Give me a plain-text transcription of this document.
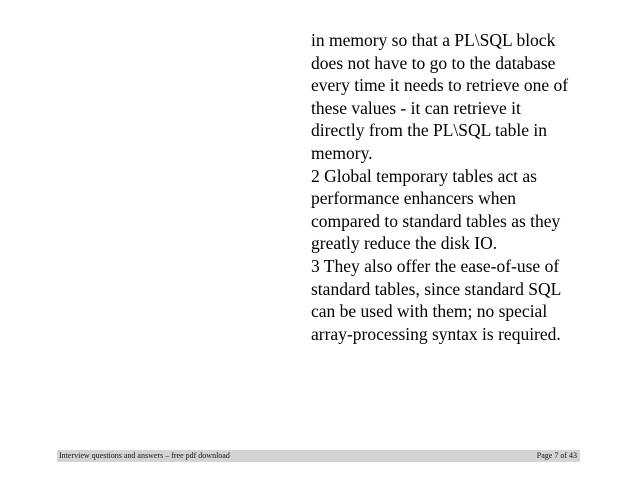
in memory so that a PL\SQL block
does not have to go to the database
every time it needs to retrieve one of
these values - it can retrieve it
directly from the PL\SQL table in
memory.
2 Global temporary tables act as
performance enhancers when
compared to standard tables as they
greatly reduce the disk IO.
3 They also offer the ease-of-use of
standard tables, since standard SQL
can be used with them; no special
array-processing syntax is required.
Interview questions and answers – free pdf download	Page 7 of 43
